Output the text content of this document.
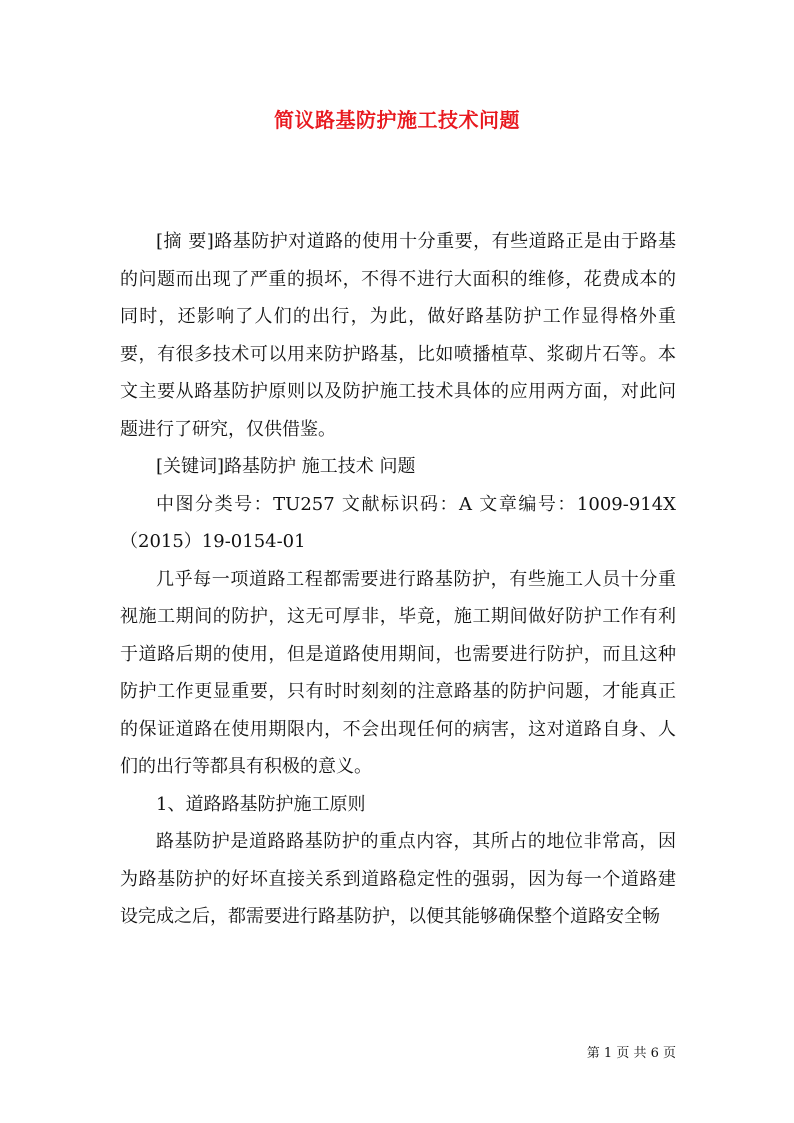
简议路基防护施工技术问题

[摘 要]路基防护对道路的使用十分重要，有些道路正是由于路基的问题而出现了严重的损坏，不得不进行大面积的维修，花费成本的同时，还影响了人们的出行，为此，做好路基防护工作显得格外重要，有很多技术可以用来防护路基，比如喷播植草、浆砌片石等。本文主要从路基防护原则以及防护施工技术具体的应用两方面，对此问题进行了研究，仅供借鉴。

[关键词]路基防护 施工技术 问题

中图分类号：TU257 文献标识码：A 文章编号：1009-914X（2015）19-0154-01

几乎每一项道路工程都需要进行路基防护，有些施工人员十分重视施工期间的防护，这无可厚非，毕竟，施工期间做好防护工作有利于道路后期的使用，但是道路使用期间，也需要进行防护，而且这种防护工作更显重要，只有时时刻刻的注意路基的防护问题，才能真正的保证道路在使用期限内，不会出现任何的病害，这对道路自身、人们的出行等都具有积极的意义。

1、道路路基防护施工原则

路基防护是道路路基防护的重点内容，其所占的地位非常高，因为路基防护的好坏直接关系到道路稳定性的强弱，因为每一个道路建设完成之后，都需要进行路基防护，以便其能够确保整个道路安全畅

第 1 页 共 6 页
